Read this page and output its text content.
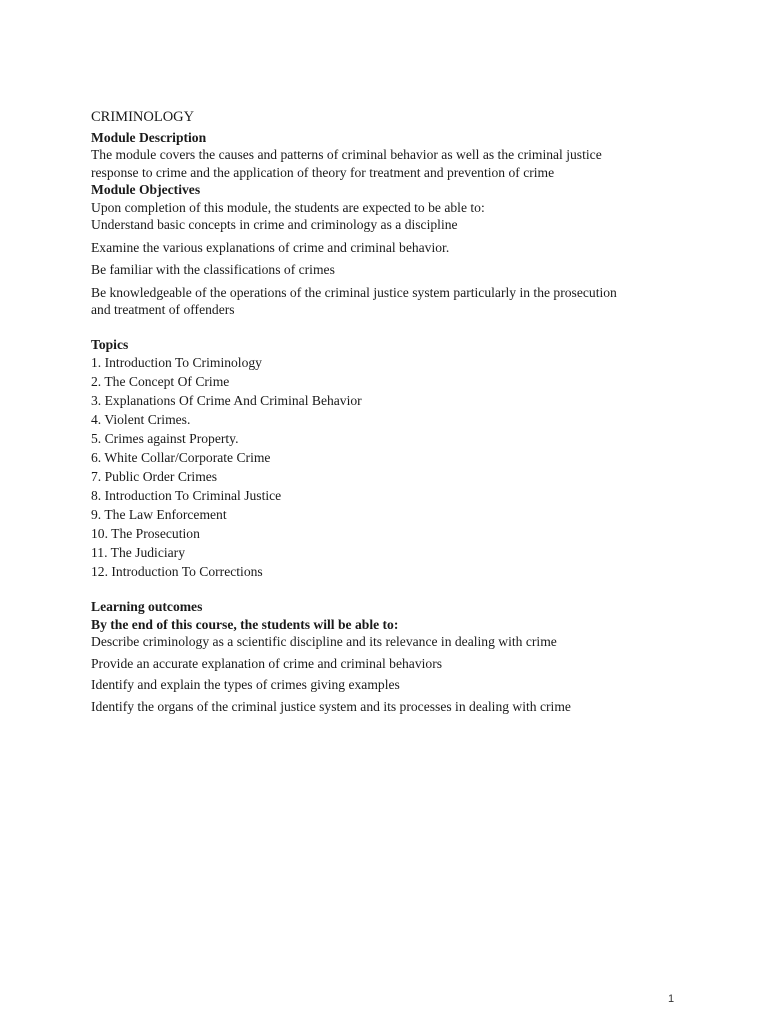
CRIMINOLOGY
Module Description
The module covers the causes and patterns of criminal behavior as well as the criminal justice
response to crime and the application of theory for treatment and prevention of crime
Module Objectives
Upon completion of this module, the students are expected to be able to:
Understand basic concepts in crime and criminology as a discipline
Examine the various explanations of crime and criminal behavior.
Be familiar with the classifications of crimes
Be knowledgeable of the operations of the criminal justice system particularly in the prosecution
and treatment of offenders
Topics
1. Introduction To Criminology
2. The Concept Of Crime
3. Explanations Of Crime And Criminal Behavior
4. Violent Crimes.
5. Crimes against Property.
6. White Collar/Corporate Crime
7. Public Order Crimes
8. Introduction To Criminal Justice
9. The Law Enforcement
10. The Prosecution
11. The Judiciary
12. Introduction To Corrections
Learning outcomes
By the end of this course, the students will be able to:
Describe criminology as a scientific discipline and its relevance in dealing with crime
Provide an accurate explanation of crime and criminal behaviors
Identify and explain the types of crimes giving examples
Identify the organs of the criminal justice system and its processes in dealing with crime
1
